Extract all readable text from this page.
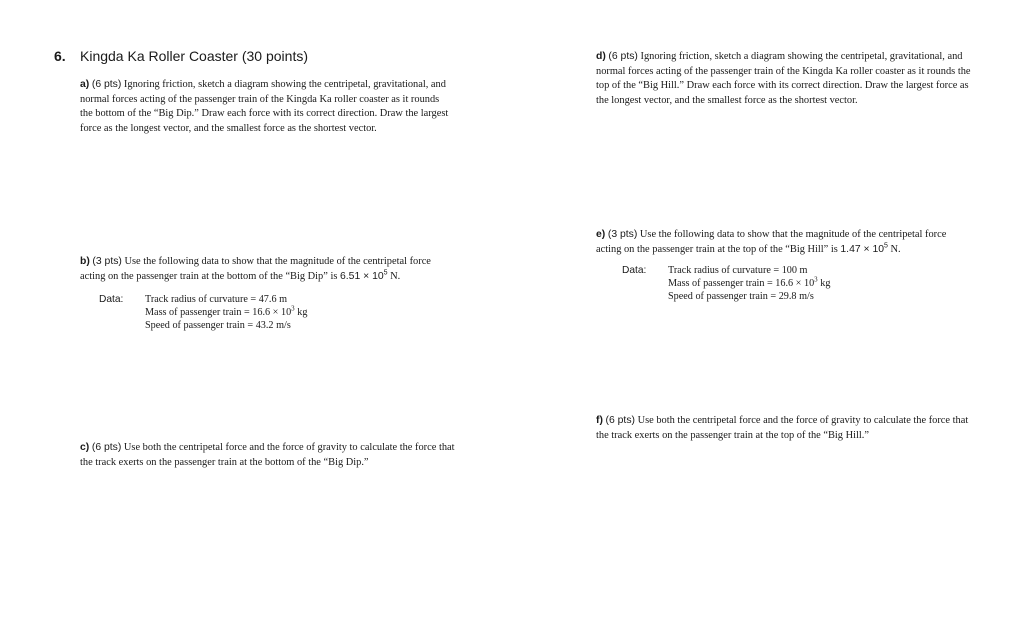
6. Kingda Ka Roller Coaster (30 points)
a) (6 pts) Ignoring friction, sketch a diagram showing the centripetal, gravitational, and normal forces acting of the passenger train of the Kingda Ka roller coaster as it rounds the bottom of the “Big Dip.” Draw each force with its correct direction. Draw the largest force as the longest vector, and the smallest force as the shortest vector.
b) (3 pts) Use the following data to show that the magnitude of the centripetal force acting on the passenger train at the bottom of the “Big Dip” is $6.51 \times 10^5$ N.
Data:	Track radius of curvature = 47.6 m
Mass of passenger train = $16.6 \times 10^3$ kg
Speed of passenger train = 43.2 m/s
c) (6 pts) Use both the centripetal force and the force of gravity to calculate the force that the track exerts on the passenger train at the bottom of the “Big Dip.”
d) (6 pts) Ignoring friction, sketch a diagram showing the centripetal, gravitational, and normal forces acting of the passenger train of the Kingda Ka roller coaster as it rounds the top of the “Big Hill.” Draw each force with its correct direction. Draw the largest force as the longest vector, and the smallest force as the shortest vector.
e) (3 pts) Use the following data to show that the magnitude of the centripetal force acting on the passenger train at the top of the “Big Hill” is $1.47 \times 10^5$ N.
Data:	Track radius of curvature = 100 m
Mass of passenger train = $16.6 \times 10^3$ kg
Speed of passenger train = 29.8 m/s
f) (6 pts) Use both the centripetal force and the force of gravity to calculate the force that the track exerts on the passenger train at the top of the “Big Hill.”
